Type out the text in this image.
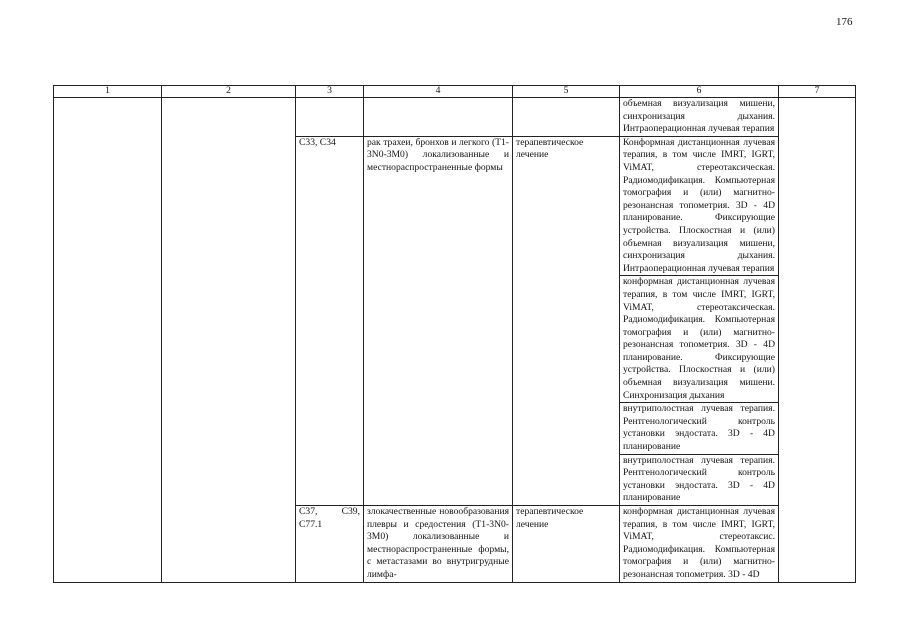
176
1	2	3	4	5	6	7
					объемная визуализация мишени, синхронизация дыхания. Интраоперационная лучевая терапия	
		С33, С34	рак трахеи, бронхов и легкого (Т1-3N0-3M0) локализованные и местнораспространенные формы	терапевтическое лечение	Конформная дистанционная лучевая терапия, в том числе IMRT, IGRT, ViMAT, стереотаксическая. Радиомодификация. Компьютерная томография и (или) магнитно-резонансная топометрия. 3D - 4D планирование. Фиксирующие устройства. Плоскостная и (или) объемная визуализация мишени, синхронизация дыхания. Интраоперационная лучевая терапия	
					конформная дистанционная лучевая терапия, в том числе IMRT, IGRT, ViMAT, стереотаксическая. Радиомодификация. Компьютерная томография и (или) магнитно-резонансная топометрия. 3D - 4D планирование. Фиксирующие устройства. Плоскостная и (или) объемная визуализация мишени. Синхронизация дыхания	
					внутриполостная лучевая терапия. Рентгенологический контроль установки эндостата. 3D - 4D планирование	
					внутриполостная лучевая терапия. Рентгенологический контроль установки эндостата. 3D - 4D планирование	
		С37, С39, С77.1	злокачественные новообразования плевры и средостения (Т1-3N0-3M0) локализованные и местнораспространенные формы, с метастазами во внутригрудные лимфа-	терапевтическое лечение	конформная дистанционная лучевая терапия, в том числе IMRT, IGRT, ViMAT, стереотаксис. Радиомодификация. Компьютерная томография и (или) магнитно-резонансная топометрия. 3D - 4D	
